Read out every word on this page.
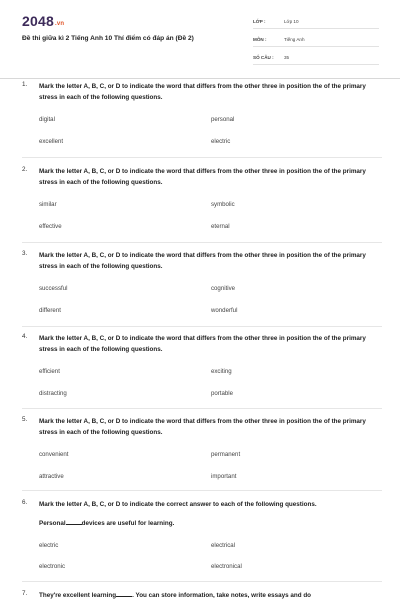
2048.vn
Đề thi giữa kì 2 Tiếng Anh 10 Thí điểm có đáp án (Đề 2)
LỚP :	Lớp 10
MÔN :	Tiếng Anh
SỐ CÂU :	35
1. Mark the letter A, B, C, or D to indicate the word that differs from the other three in position the of the primary stress in each of the following questions.
digital	personal
excellent	electric
2. Mark the letter A, B, C, or D to indicate the word that differs from the other three in position the of the primary stress in each of the following questions.
similar	symbolic
effective	eternal
3. Mark the letter A, B, C, or D to indicate the word that differs from the other three in position the of the primary stress in each of the following questions.
successful	cognitive
different	wonderful
4. Mark the letter A, B, C, or D to indicate the word that differs from the other three in position the of the primary stress in each of the following questions.
efficient	exciting
distracting	portable
5. Mark the letter A, B, C, or D to indicate the word that differs from the other three in position the of the primary stress in each of the following questions.
convenient	permanent
attractive	important
6. Mark the letter A, B, C, or D to indicate the correct answer to each of the following questions.
Personal	devices are useful for learning.
electric	electrical
electronic	electronical
7. They're excellent learning	. You can store information, take notes, write essays and do
